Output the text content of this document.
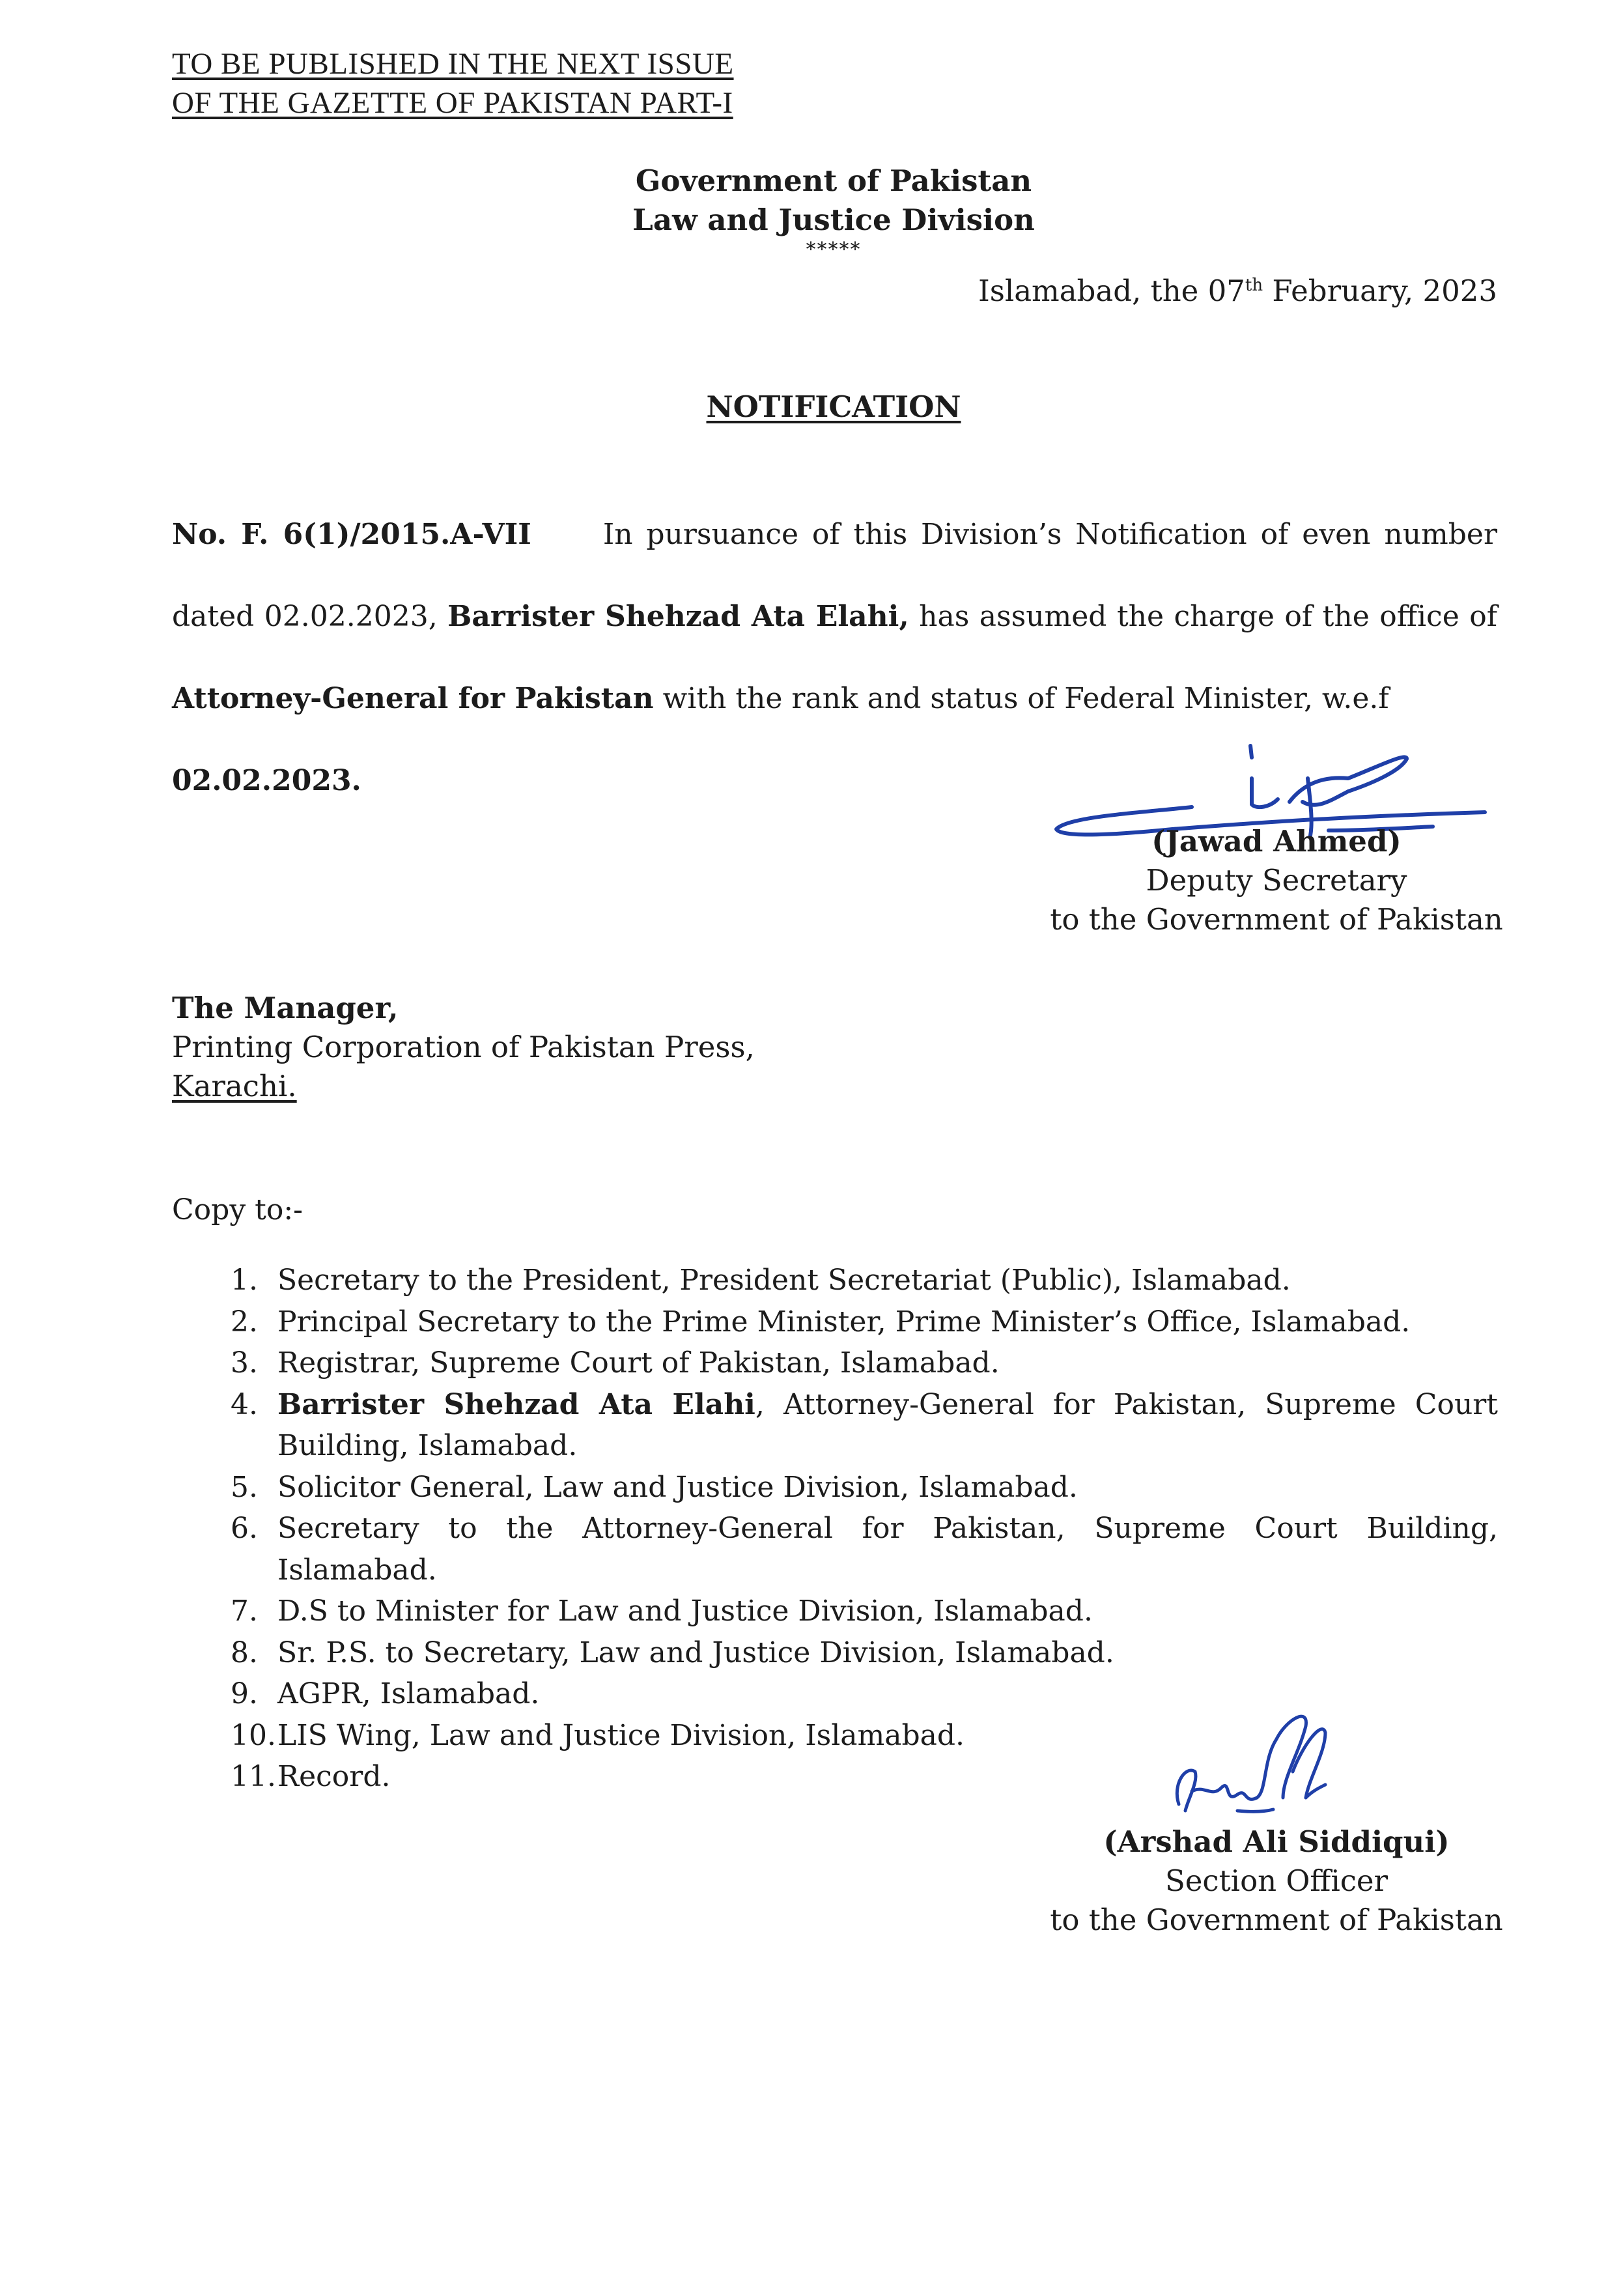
TO BE PUBLISHED IN THE NEXT ISSUE
OF THE GAZETTE OF PAKISTAN PART-I
Government of Pakistan
Law and Justice Division
*****
Islamabad, the 07th February, 2023
NOTIFICATION
No. F. 6(1)/2015.A-VII	In pursuance of this Division’s Notification of even number dated 02.02.2023, Barrister Shehzad Ata Elahi, has assumed the charge of the office of Attorney-General for Pakistan with the rank and status of Federal Minister, w.e.f
02.02.2023.
(Jawad Ahmed)
Deputy Secretary
to the Government of Pakistan
The Manager,
Printing Corporation of Pakistan Press,
Karachi.
Copy to:-
1. Secretary to the President, President Secretariat (Public), Islamabad.
2. Principal Secretary to the Prime Minister, Prime Minister’s Office, Islamabad.
3. Registrar, Supreme Court of Pakistan, Islamabad.
4. Barrister Shehzad Ata Elahi, Attorney-General for Pakistan, Supreme Court Building, Islamabad.
5. Solicitor General, Law and Justice Division, Islamabad.
6. Secretary to the Attorney-General for Pakistan, Supreme Court Building, Islamabad.
7. D.S to Minister for Law and Justice Division, Islamabad.
8. Sr. P.S. to Secretary, Law and Justice Division, Islamabad.
9. AGPR, Islamabad.
10. LIS Wing, Law and Justice Division, Islamabad.
11. Record.
(Arshad Ali Siddiqui)
Section Officer
to the Government of Pakistan
